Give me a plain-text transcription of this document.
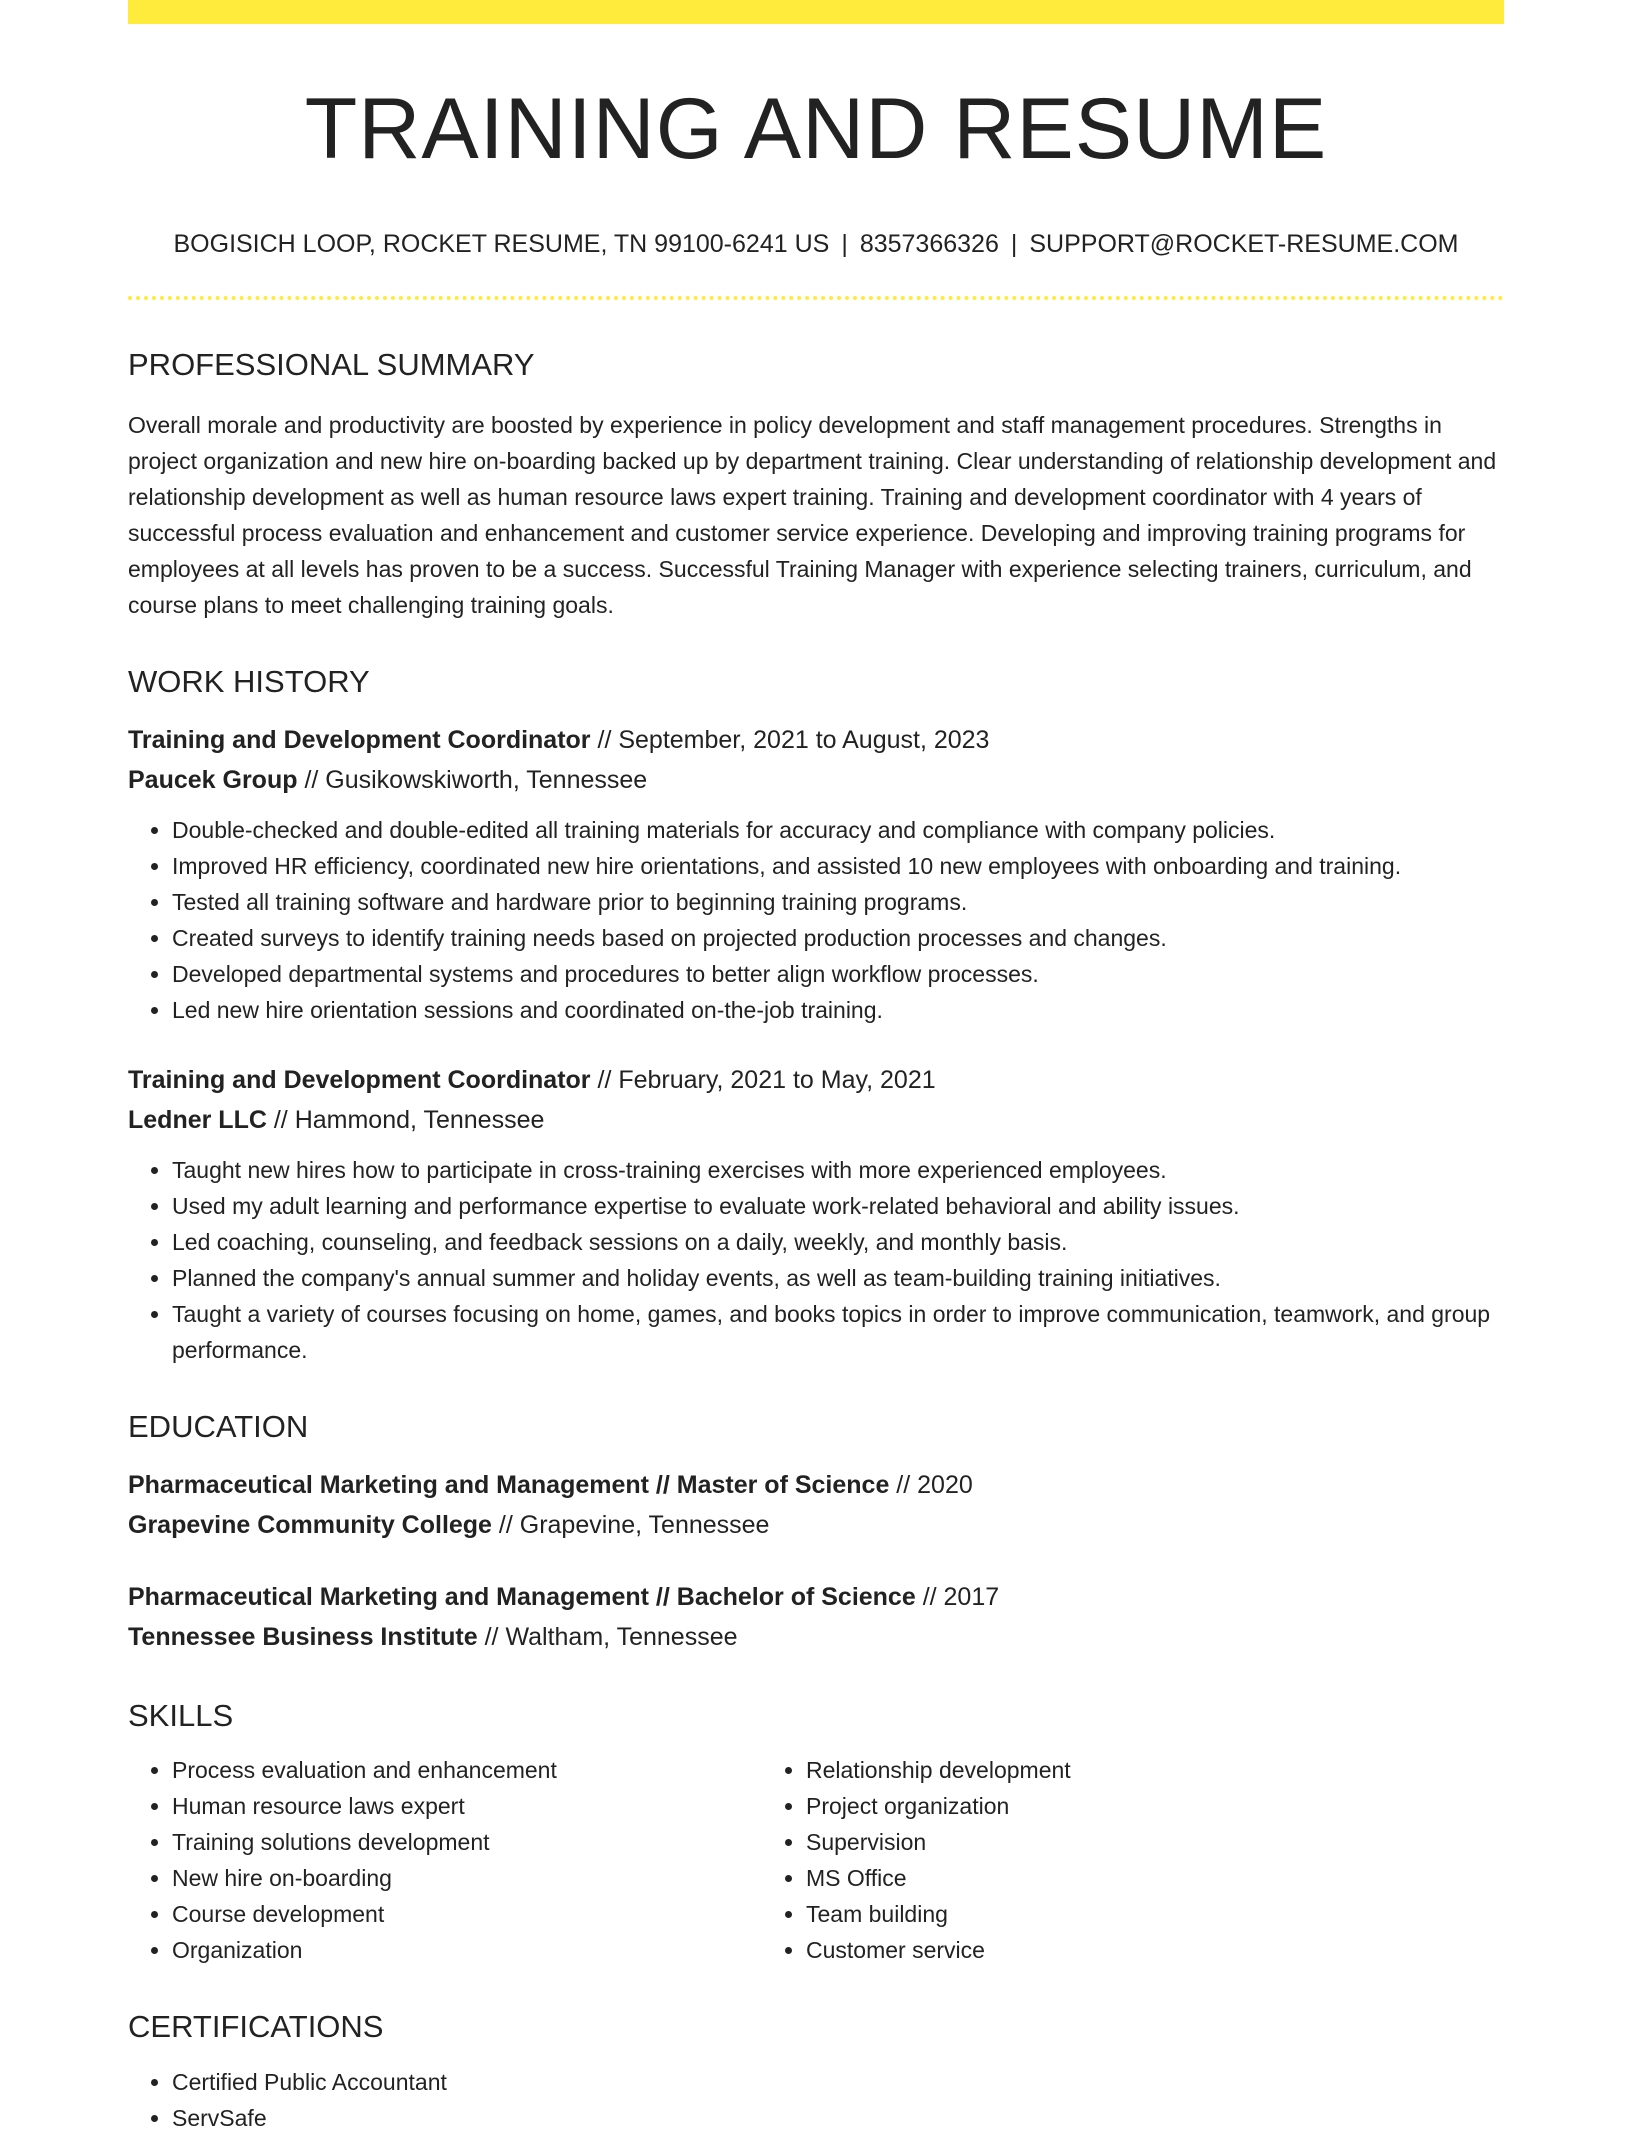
TRAINING AND RESUME
BOGISICH LOOP, ROCKET RESUME, TN 99100-6241 US | 8357366326 | SUPPORT@ROCKET-RESUME.COM
PROFESSIONAL SUMMARY
Overall morale and productivity are boosted by experience in policy development and staff management procedures. Strengths in project organization and new hire on-boarding backed up by department training. Clear understanding of relationship development and relationship development as well as human resource laws expert training. Training and development coordinator with 4 years of successful process evaluation and enhancement and customer service experience. Developing and improving training programs for employees at all levels has proven to be a success. Successful Training Manager with experience selecting trainers, curriculum, and course plans to meet challenging training goals.
WORK HISTORY
Training and Development Coordinator // September, 2021 to August, 2023
Paucek Group // Gusikowskiworth, Tennessee
• Double-checked and double-edited all training materials for accuracy and compliance with company policies.
• Improved HR efficiency, coordinated new hire orientations, and assisted 10 new employees with onboarding and training.
• Tested all training software and hardware prior to beginning training programs.
• Created surveys to identify training needs based on projected production processes and changes.
• Developed departmental systems and procedures to better align workflow processes.
• Led new hire orientation sessions and coordinated on-the-job training.
Training and Development Coordinator // February, 2021 to May, 2021
Ledner LLC // Hammond, Tennessee
• Taught new hires how to participate in cross-training exercises with more experienced employees.
• Used my adult learning and performance expertise to evaluate work-related behavioral and ability issues.
• Led coaching, counseling, and feedback sessions on a daily, weekly, and monthly basis.
• Planned the company's annual summer and holiday events, as well as team-building training initiatives.
• Taught a variety of courses focusing on home, games, and books topics in order to improve communication, teamwork, and group performance.
EDUCATION
Pharmaceutical Marketing and Management // Master of Science // 2020
Grapevine Community College // Grapevine, Tennessee
Pharmaceutical Marketing and Management // Bachelor of Science // 2017
Tennessee Business Institute // Waltham, Tennessee
SKILLS
• Process evaluation and enhancement
• Human resource laws expert
• Training solutions development
• New hire on-boarding
• Course development
• Organization
• Relationship development
• Project organization
• Supervision
• MS Office
• Team building
• Customer service
CERTIFICATIONS
• Certified Public Accountant
• ServSafe
